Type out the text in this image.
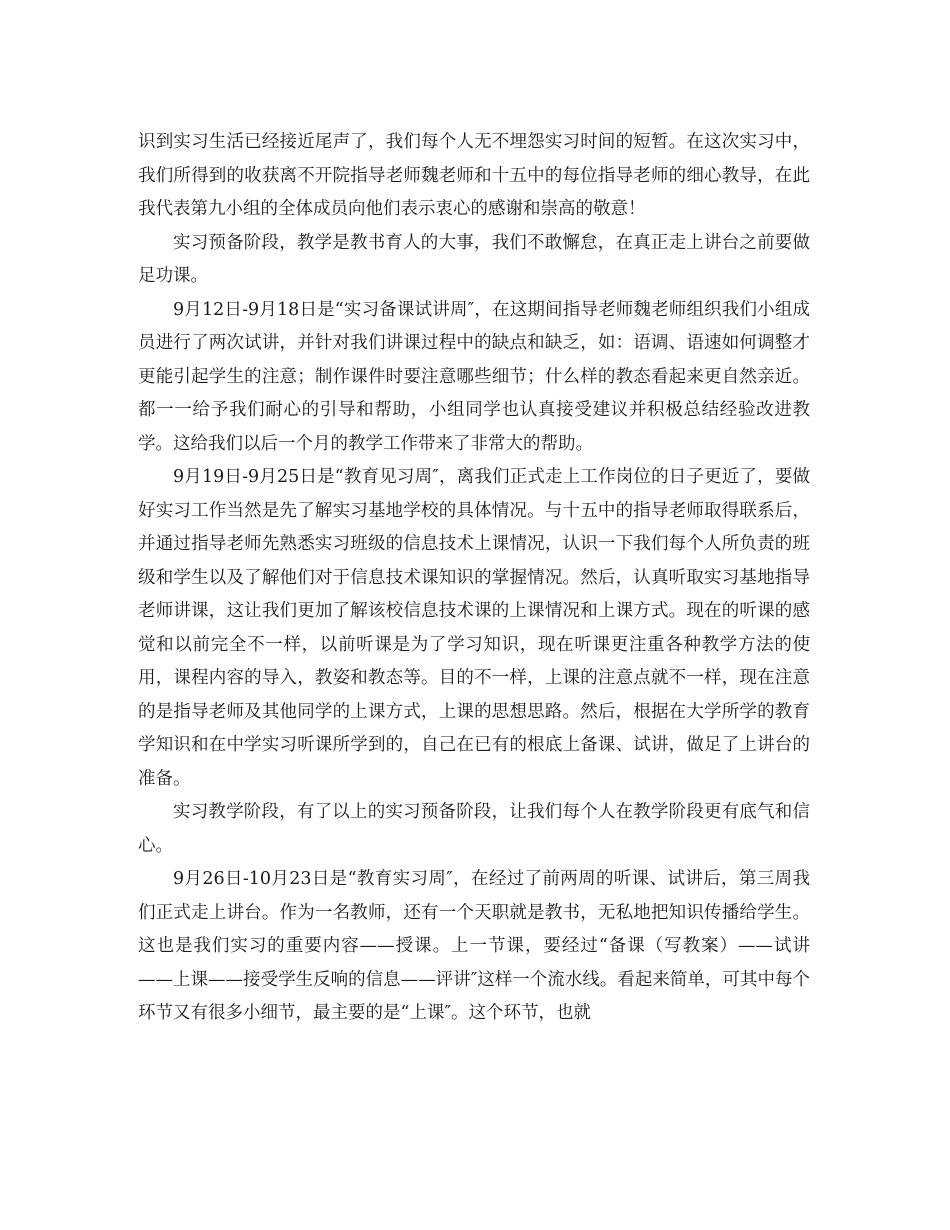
识到实习生活已经接近尾声了，我们每个人无不埋怨实习时间的短暂。在这次实习中，我们所得到的收获离不开院指导老师魏老师和十五中的每位指导老师的细心教导，在此我代表第九小组的全体成员向他们表示衷心的感谢和崇高的敬意！

实习预备阶段，教学是教书育人的大事，我们不敢懈怠，在真正走上讲台之前要做足功课。

9月12日-9月18日是“实习备课试讲周″，在这期间指导老师魏老师组织我们小组成员进行了两次试讲，并针对我们讲课过程中的缺点和缺乏，如：语调、语速如何调整才更能引起学生的注意；制作课件时要注意哪些细节；什么样的教态看起来更自然亲近。都一一给予我们耐心的引导和帮助，小组同学也认真接受建议并积极总结经验改进教学。这给我们以后一个月的教学工作带来了非常大的帮助。

9月19日-9月25日是“教育见习周″，离我们正式走上工作岗位的日子更近了，要做好实习工作当然是先了解实习基地学校的具体情况。与十五中的指导老师取得联系后，并通过指导老师先熟悉实习班级的信息技术上课情况，认识一下我们每个人所负责的班级和学生以及了解他们对于信息技术课知识的掌握情况。然后，认真听取实习基地指导老师讲课，这让我们更加了解该校信息技术课的上课情况和上课方式。现在的听课的感觉和以前完全不一样，以前听课是为了学习知识，现在听课更注重各种教学方法的使用，课程内容的导入，教姿和教态等。目的不一样，上课的注意点就不一样，现在注意的是指导老师及其他同学的上课方式，上课的思想思路。然后，根据在大学所学的教育学知识和在中学实习听课所学到的，自己在已有的根底上备课、试讲，做足了上讲台的准备。

实习教学阶段，有了以上的实习预备阶段，让我们每个人在教学阶段更有底气和信心。

9月26日-10月23日是“教育实习周″，在经过了前两周的听课、试讲后，第三周我们正式走上讲台。作为一名教师，还有一个天职就是教书，无私地把知识传播给学生。这也是我们实习的重要内容——授课。上一节课，要经过“备课（写教案）——试讲——上课——接受学生反响的信息——评讲″这样一个流水线。看起来简单，可其中每个环节又有很多小细节，最主要的是“上课″。这个环节，也就
